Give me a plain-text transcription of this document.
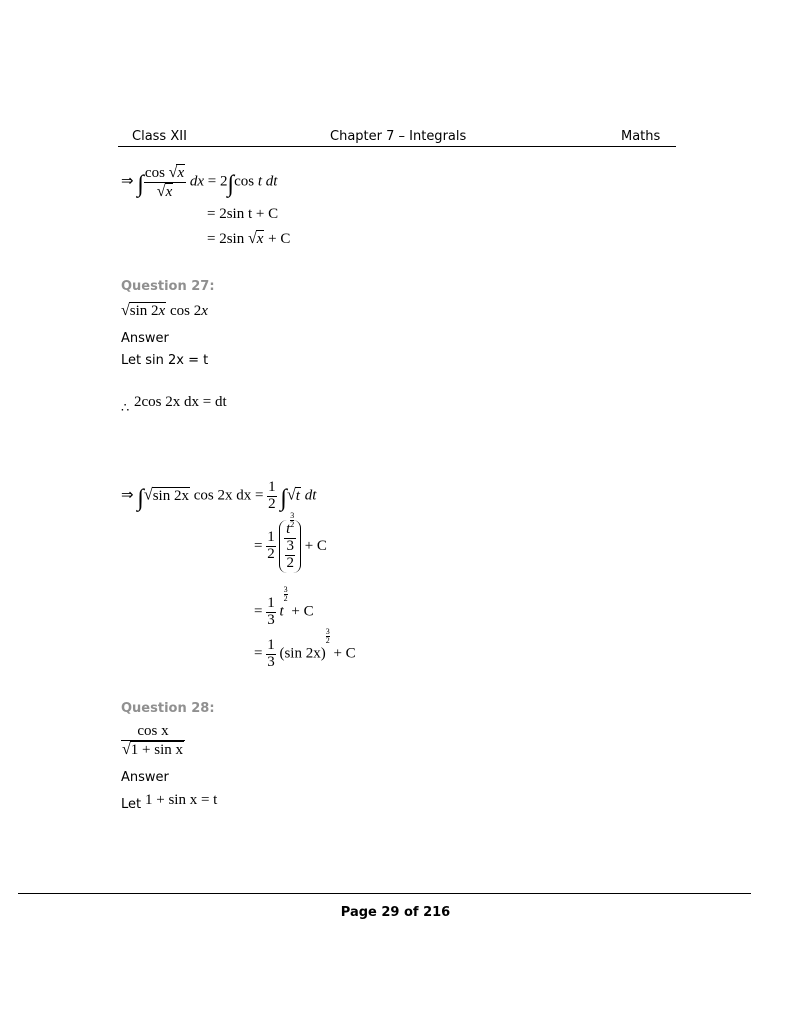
Class XII	Chapter 7 – Integrals	Maths
⇒ ∫ $\frac{\cos √x}{√x}$ dx = 2∫cos t dt
= 2sin t + C
= 2sin √x + C
Question 27:
√sin 2x cos 2x
Answer
Let sin 2x = t
∴ 2cos 2x dx = dt
⇒ ∫√sin 2x cos 2x dx = $\frac{1}{2} \int√t$ dt
= $\frac{1}{2}$
$\frac{t \frac{3}{2}}{\frac{3}{2}} + C$
= $\frac{1}{3}$ t
$\frac{3}{2}$
+ C
= $\frac{1}{3} (\sin$ 2x)
$\frac{3}{2}$
+ C
Question 28:
$\frac{\text{cos x}}{\text{√1 + sin x}}$
Answer
Let 1 + sin x = t
Page 29 of 216
